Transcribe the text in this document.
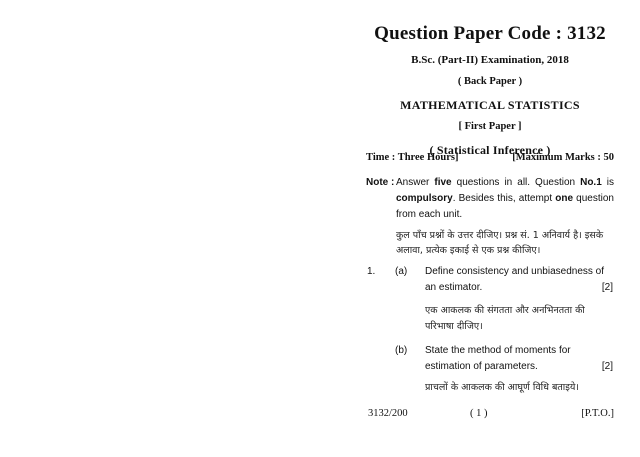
Question Paper Code : 3132
B.Sc. (Part-II) Examination, 2018
( Back Paper )
MATHEMATICAL STATISTICS
[ First Paper ]
( Statistical Inference )
Time : Three Hours]	[Maximum Marks : 50
Note : Answer five questions in all. Question No.1 is compulsory. Besides this, attempt one question from each unit.
कुल पाँच प्रश्नों के उत्तर दीजिए। प्रश्न सं. 1 अनिवार्य है। इसके अलावा, प्रत्येक इकाई से एक प्रश्न कीजिए।
1. (a) Define consistency and unbiasedness of an estimator.	[2]
एक आकलक की संगतता और अनभिनतता की परिभाषा दीजिए।
(b) State the method of moments for estimation of parameters.	[2]
प्राचलों के आकलक की आघूर्ण विधि बताइये।
3132/200	( 1 )	[P.T.O.]
